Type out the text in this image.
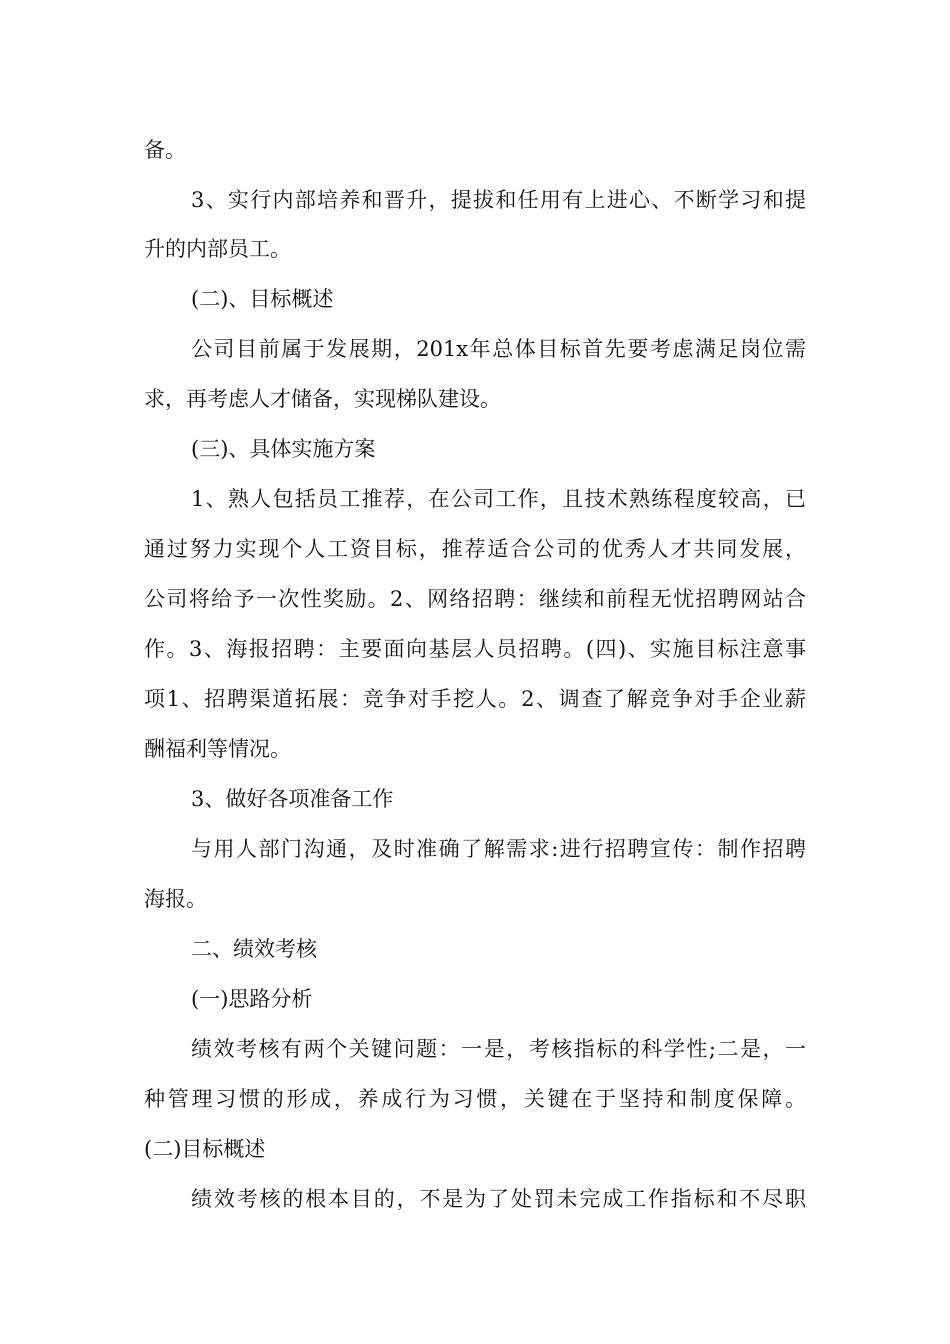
备。
3、实行内部培养和晋升，提拔和任用有上进心、不断学习和提
升的内部员工。
(二)、目标概述
公司目前属于发展期，201x年总体目标首先要考虑满足岗位需
求，再考虑人才储备，实现梯队建设。
(三)、具体实施方案
1、熟人包括员工推荐，在公司工作，且技术熟练程度较高，已
通过努力实现个人工资目标，推荐适合公司的优秀人才共同发展，
公司将给予一次性奖励。2、网络招聘：继续和前程无忧招聘网站合
作。3、海报招聘：主要面向基层人员招聘。(四)、实施目标注意事
项1、招聘渠道拓展：竞争对手挖人。2、调查了解竞争对手企业薪
酬福利等情况。
3、做好各项准备工作
与用人部门沟通，及时准确了解需求:进行招聘宣传：制作招聘
海报。
二、绩效考核
(一)思路分析
绩效考核有两个关键问题：一是，考核指标的科学性;二是，一
种管理习惯的形成，养成行为习惯，关键在于坚持和制度保障。
(二)目标概述
绩效考核的根本目的，不是为了处罚未完成工作指标和不尽职
